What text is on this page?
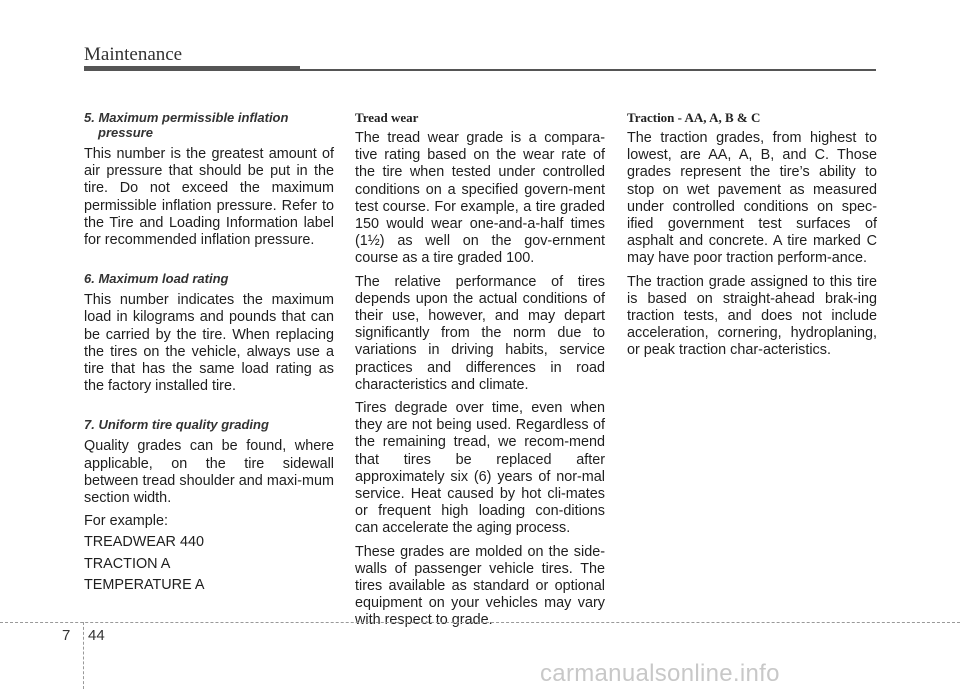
Maintenance
5. Maximum permissible inflation
pressure

This number is the greatest amount of air pressure that should be put in the tire. Do not exceed the maximum permissible inflation pressure. Refer to the Tire and Loading Information label for recommended inflation pressure.

6. Maximum load rating

This number indicates the maximum load in kilograms and pounds that can be carried by the tire. When replacing the tires on the vehicle, always use a tire that has the same load rating as the factory installed tire.

7. Uniform tire quality grading

Quality grades can be found, where applicable, on the tire sidewall between tread shoulder and maxi-mum section width.

For example:

TREADWEAR 440

TRACTION A

TEMPERATURE A

Tread wear

The tread wear grade is a compara-tive rating based on the wear rate of the tire when tested under controlled conditions on a specified govern-ment test course. For example, a tire graded 150 would wear one-and-a-half times (1½) as well on the gov-ernment course as a tire graded 100.

The relative performance of tires depends upon the actual conditions of their use, however, and may depart significantly from the norm due to variations in driving habits, service practices and differences in road characteristics and climate.

Tires degrade over time, even when they are not being used. Regardless of the remaining tread, we recom-mend that tires be replaced after approximately six (6) years of nor-mal service. Heat caused by hot cli-mates or frequent high loading con-ditions can accelerate the aging process.

These grades are molded on the side-walls of passenger vehicle tires. The tires available as standard or optional equipment on your vehicles may vary with respect to grade.

Traction - AA, A, B & C

The traction grades, from highest to lowest, are AA, A, B, and C. Those grades represent the tire’s ability to stop on wet pavement as measured under controlled conditions on spec-ified government test surfaces of asphalt and concrete. A tire marked C may have poor traction perform-ance.

The traction grade assigned to this tire is based on straight-ahead brak-ing traction tests, and does not include acceleration, cornering, hydroplaning, or peak traction char-acteristics.

7 44
carmanualsonline.info
